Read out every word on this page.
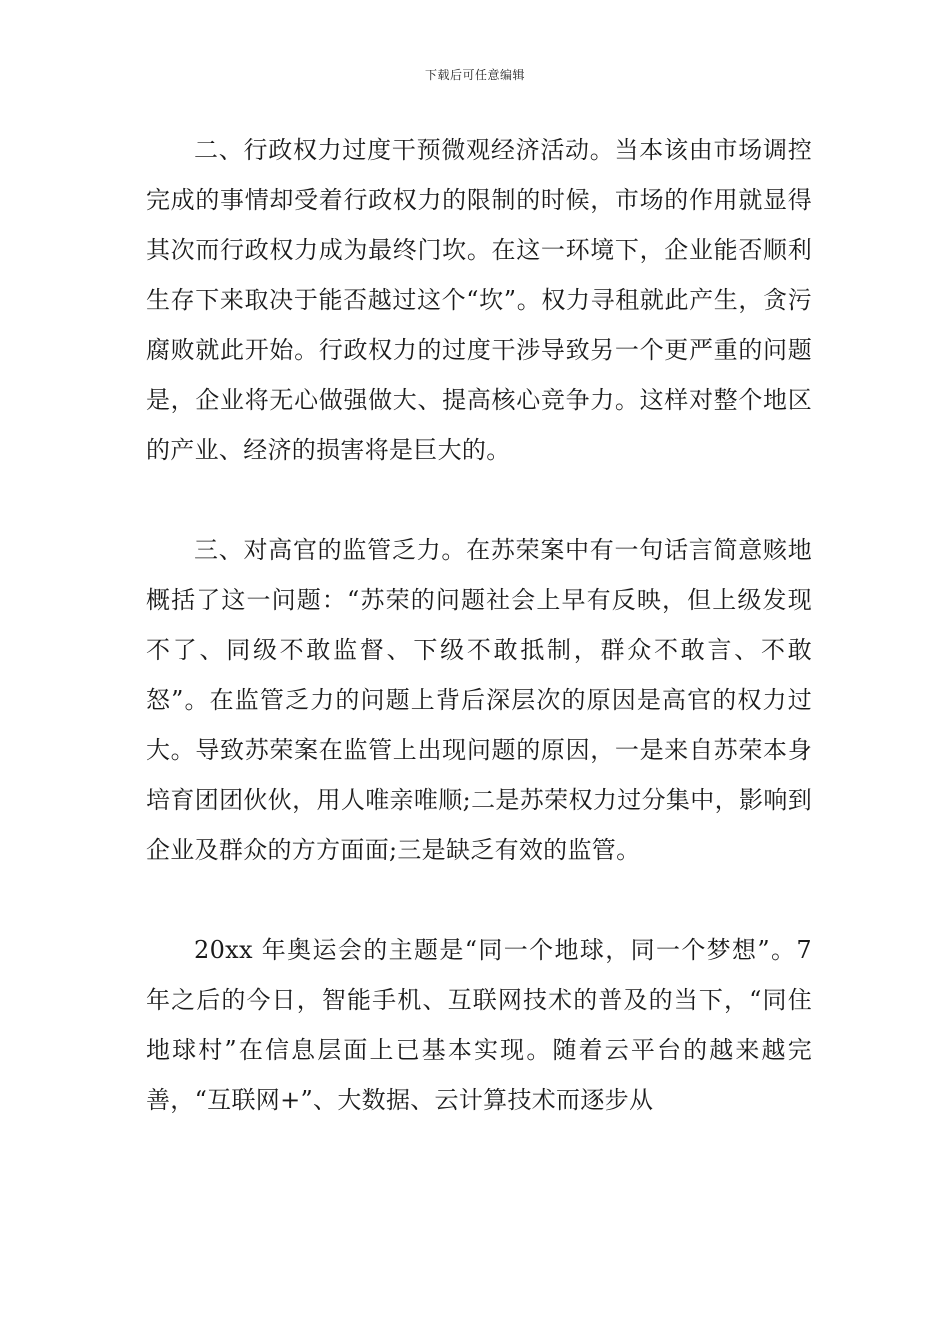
下载后可任意编辑

二、行政权力过度干预微观经济活动。当本该由市场调控完成的事情却受着行政权力的限制的时候，市场的作用就显得其次而行政权力成为最终门坎。在这一环境下，企业能否顺利生存下来取决于能否越过这个“坎”。权力寻租就此产生，贪污腐败就此开始。行政权力的过度干涉导致另一个更严重的问题是，企业将无心做强做大、提高核心竞争力。这样对整个地区的产业、经济的损害将是巨大的。

三、对高官的监管乏力。在苏荣案中有一句话言简意赅地概括了这一问题：“苏荣的问题社会上早有反映，但上级发现不了、同级不敢监督、下级不敢抵制，群众不敢言、不敢怒”。在监管乏力的问题上背后深层次的原因是高官的权力过大。导致苏荣案在监管上出现问题的原因，一是来自苏荣本身培育团团伙伙，用人唯亲唯顺;二是苏荣权力过分集中，影响到企业及群众的方方面面;三是缺乏有效的监管。

20xx 年奥运会的主题是“同一个地球，同一个梦想”。7 年之后的今日，智能手机、互联网技术的普及的当下，“同住地球村”在信息层面上已基本实现。随着云平台的越来越完善，“互联网+”、大数据、云计算技术而逐步从
